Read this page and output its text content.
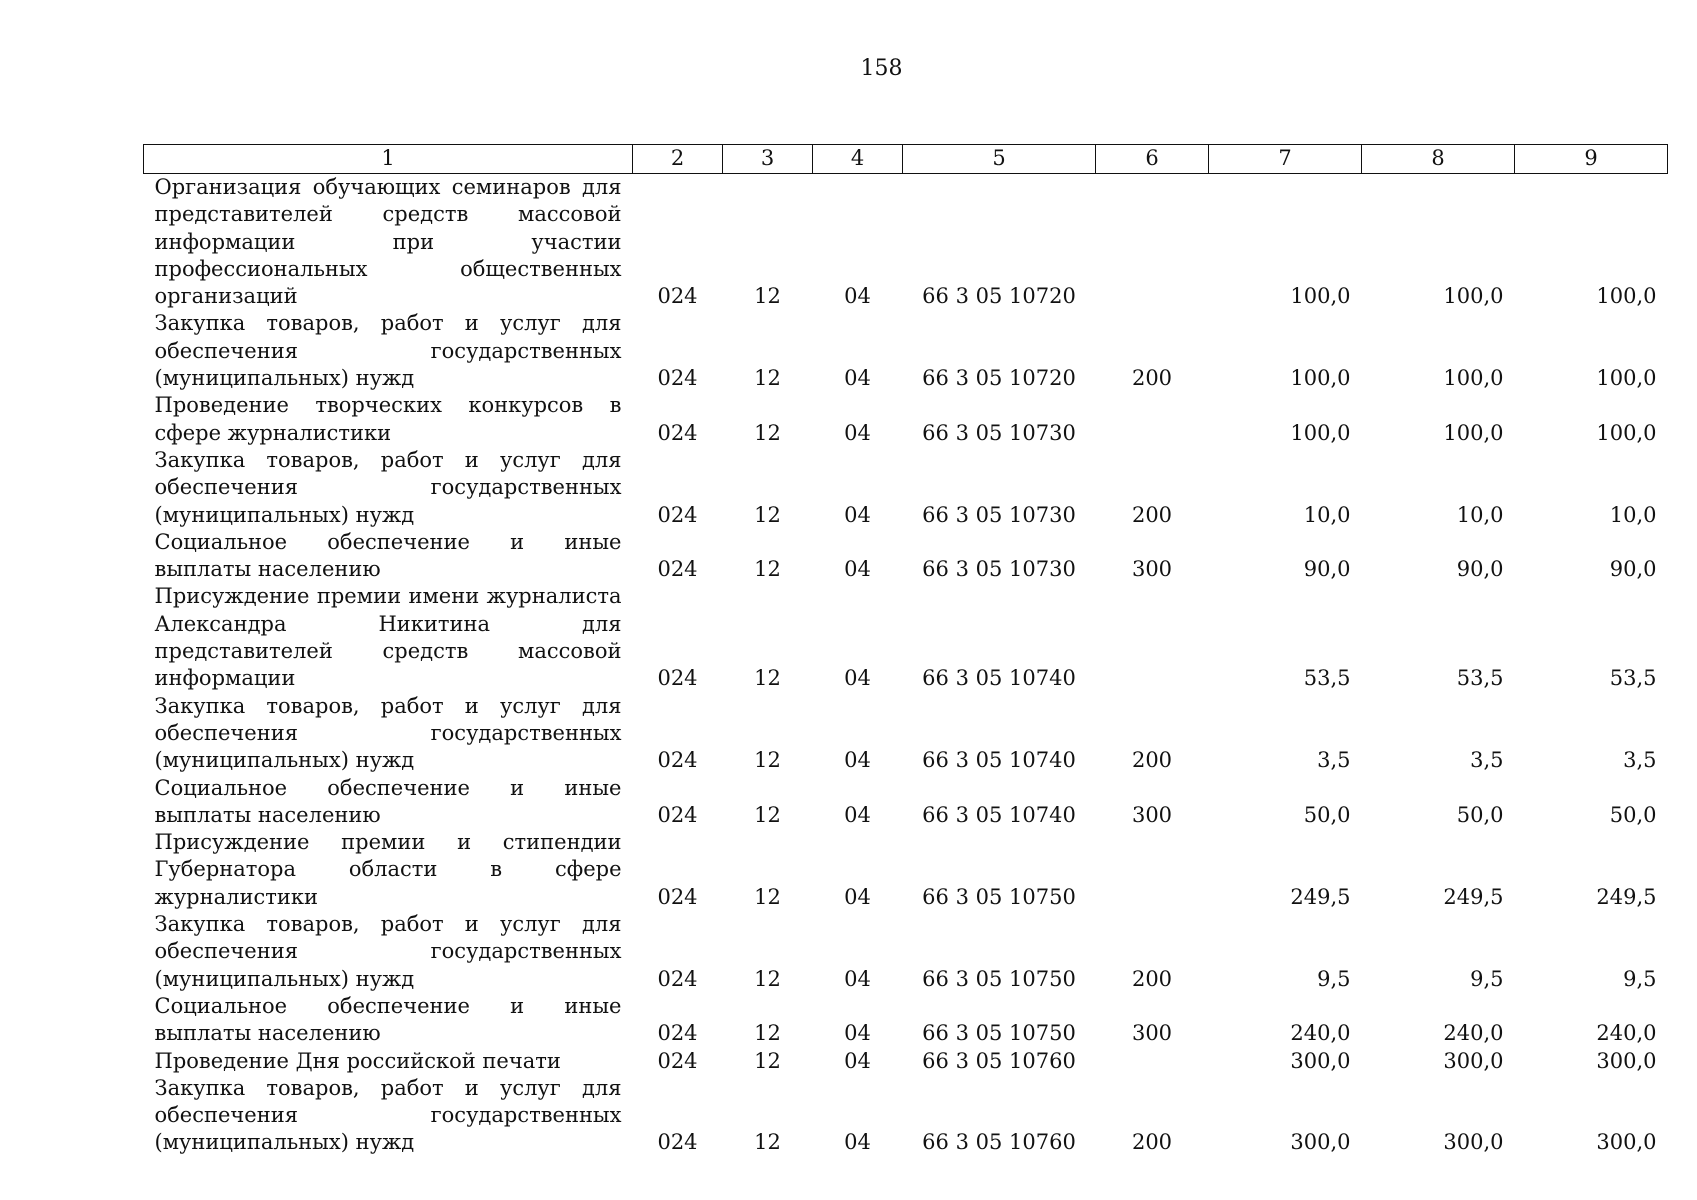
158
1	2	3	4	5	6	7	8	9
Организация обучающих семинаров для представителей средств массовой информации при участии профессиональных общественных организаций	024	12	04	66 3 05 10720		100,0	100,0	100,0
Закупка товаров, работ и услуг для обеспечения государственных (муниципальных) нужд	024	12	04	66 3 05 10720	200	100,0	100,0	100,0
Проведение творческих конкурсов в сфере журналистики	024	12	04	66 3 05 10730		100,0	100,0	100,0
Закупка товаров, работ и услуг для обеспечения государственных (муниципальных) нужд	024	12	04	66 3 05 10730	200	10,0	10,0	10,0
Социальное обеспечение и иные выплаты населению	024	12	04	66 3 05 10730	300	90,0	90,0	90,0
Присуждение премии имени журналиста Александра Никитина для представителей средств массовой информации	024	12	04	66 3 05 10740		53,5	53,5	53,5
Закупка товаров, работ и услуг для обеспечения государственных (муниципальных) нужд	024	12	04	66 3 05 10740	200	3,5	3,5	3,5
Социальное обеспечение и иные выплаты населению	024	12	04	66 3 05 10740	300	50,0	50,0	50,0
Присуждение премии и стипендии Губернатора области в сфере журналистики	024	12	04	66 3 05 10750		249,5	249,5	249,5
Закупка товаров, работ и услуг для обеспечения государственных (муниципальных) нужд	024	12	04	66 3 05 10750	200	9,5	9,5	9,5
Социальное обеспечение и иные выплаты населению	024	12	04	66 3 05 10750	300	240,0	240,0	240,0
Проведение Дня российской печати	024	12	04	66 3 05 10760		300,0	300,0	300,0
Закупка товаров, работ и услуг для обеспечения государственных (муниципальных) нужд	024	12	04	66 3 05 10760	200	300,0	300,0	300,0
